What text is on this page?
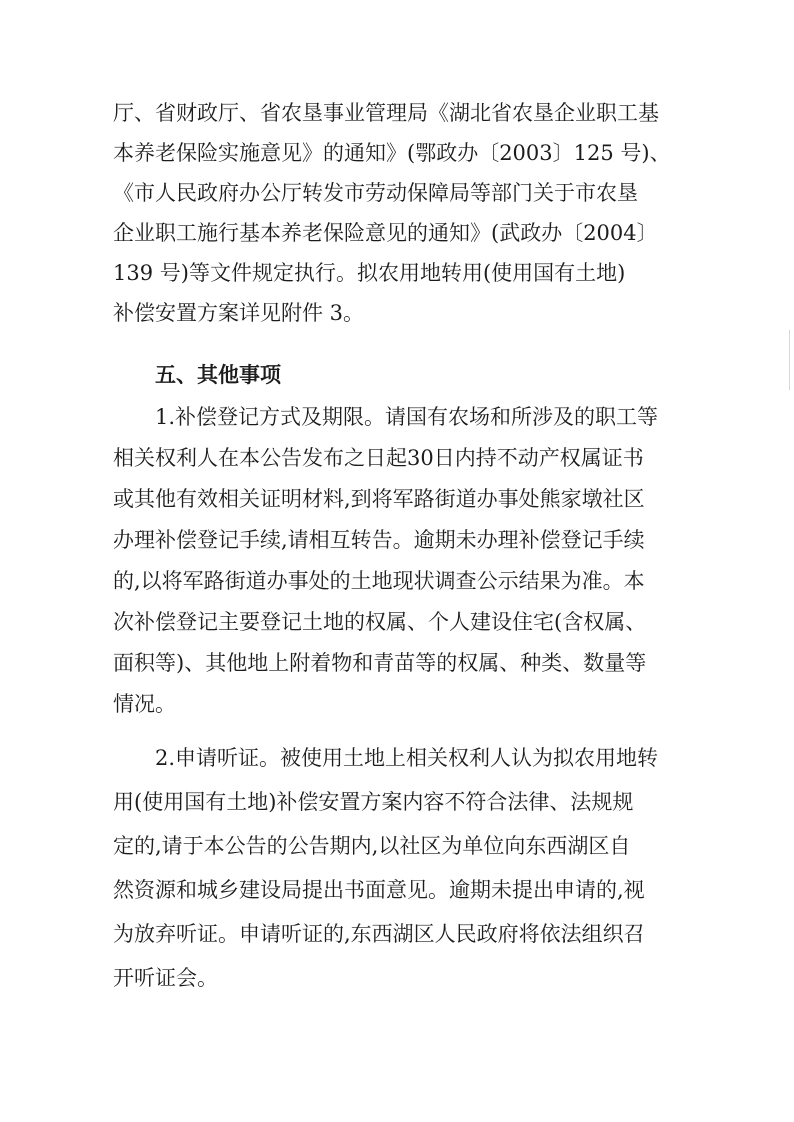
厅、省财政厅、省农垦事业管理局《湖北省农垦企业职工基
本养老保险实施意见》的通知》(鄂政办〔2003〕125 号)、
《市人民政府办公厅转发市劳动保障局等部门关于市农垦
企业职工施行基本养老保险意见的通知》(武政办〔2004〕
139 号)等文件规定执行。拟农用地转用(使用国有土地)
补偿安置方案详见附件 3。
五、其他事项
1.补偿登记方式及期限。请国有农场和所涉及的职工等
相关权利人在本公告发布之日起30日内持不动产权属证书
或其他有效相关证明材料,到将军路街道办事处熊家墩社区
办理补偿登记手续,请相互转告。逾期未办理补偿登记手续
的,以将军路街道办事处的土地现状调查公示结果为准。本
次补偿登记主要登记土地的权属、个人建设住宅(含权属、
面积等)、其他地上附着物和青苗等的权属、种类、数量等
情况。
2.申请听证。被使用土地上相关权利人认为拟农用地转
用(使用国有土地)补偿安置方案内容不符合法律、法规规
定的,请于本公告的公告期内,以社区为单位向东西湖区自
然资源和城乡建设局提出书面意见。逾期未提出申请的,视
为放弃听证。申请听证的,东西湖区人民政府将依法组织召
开听证会。
